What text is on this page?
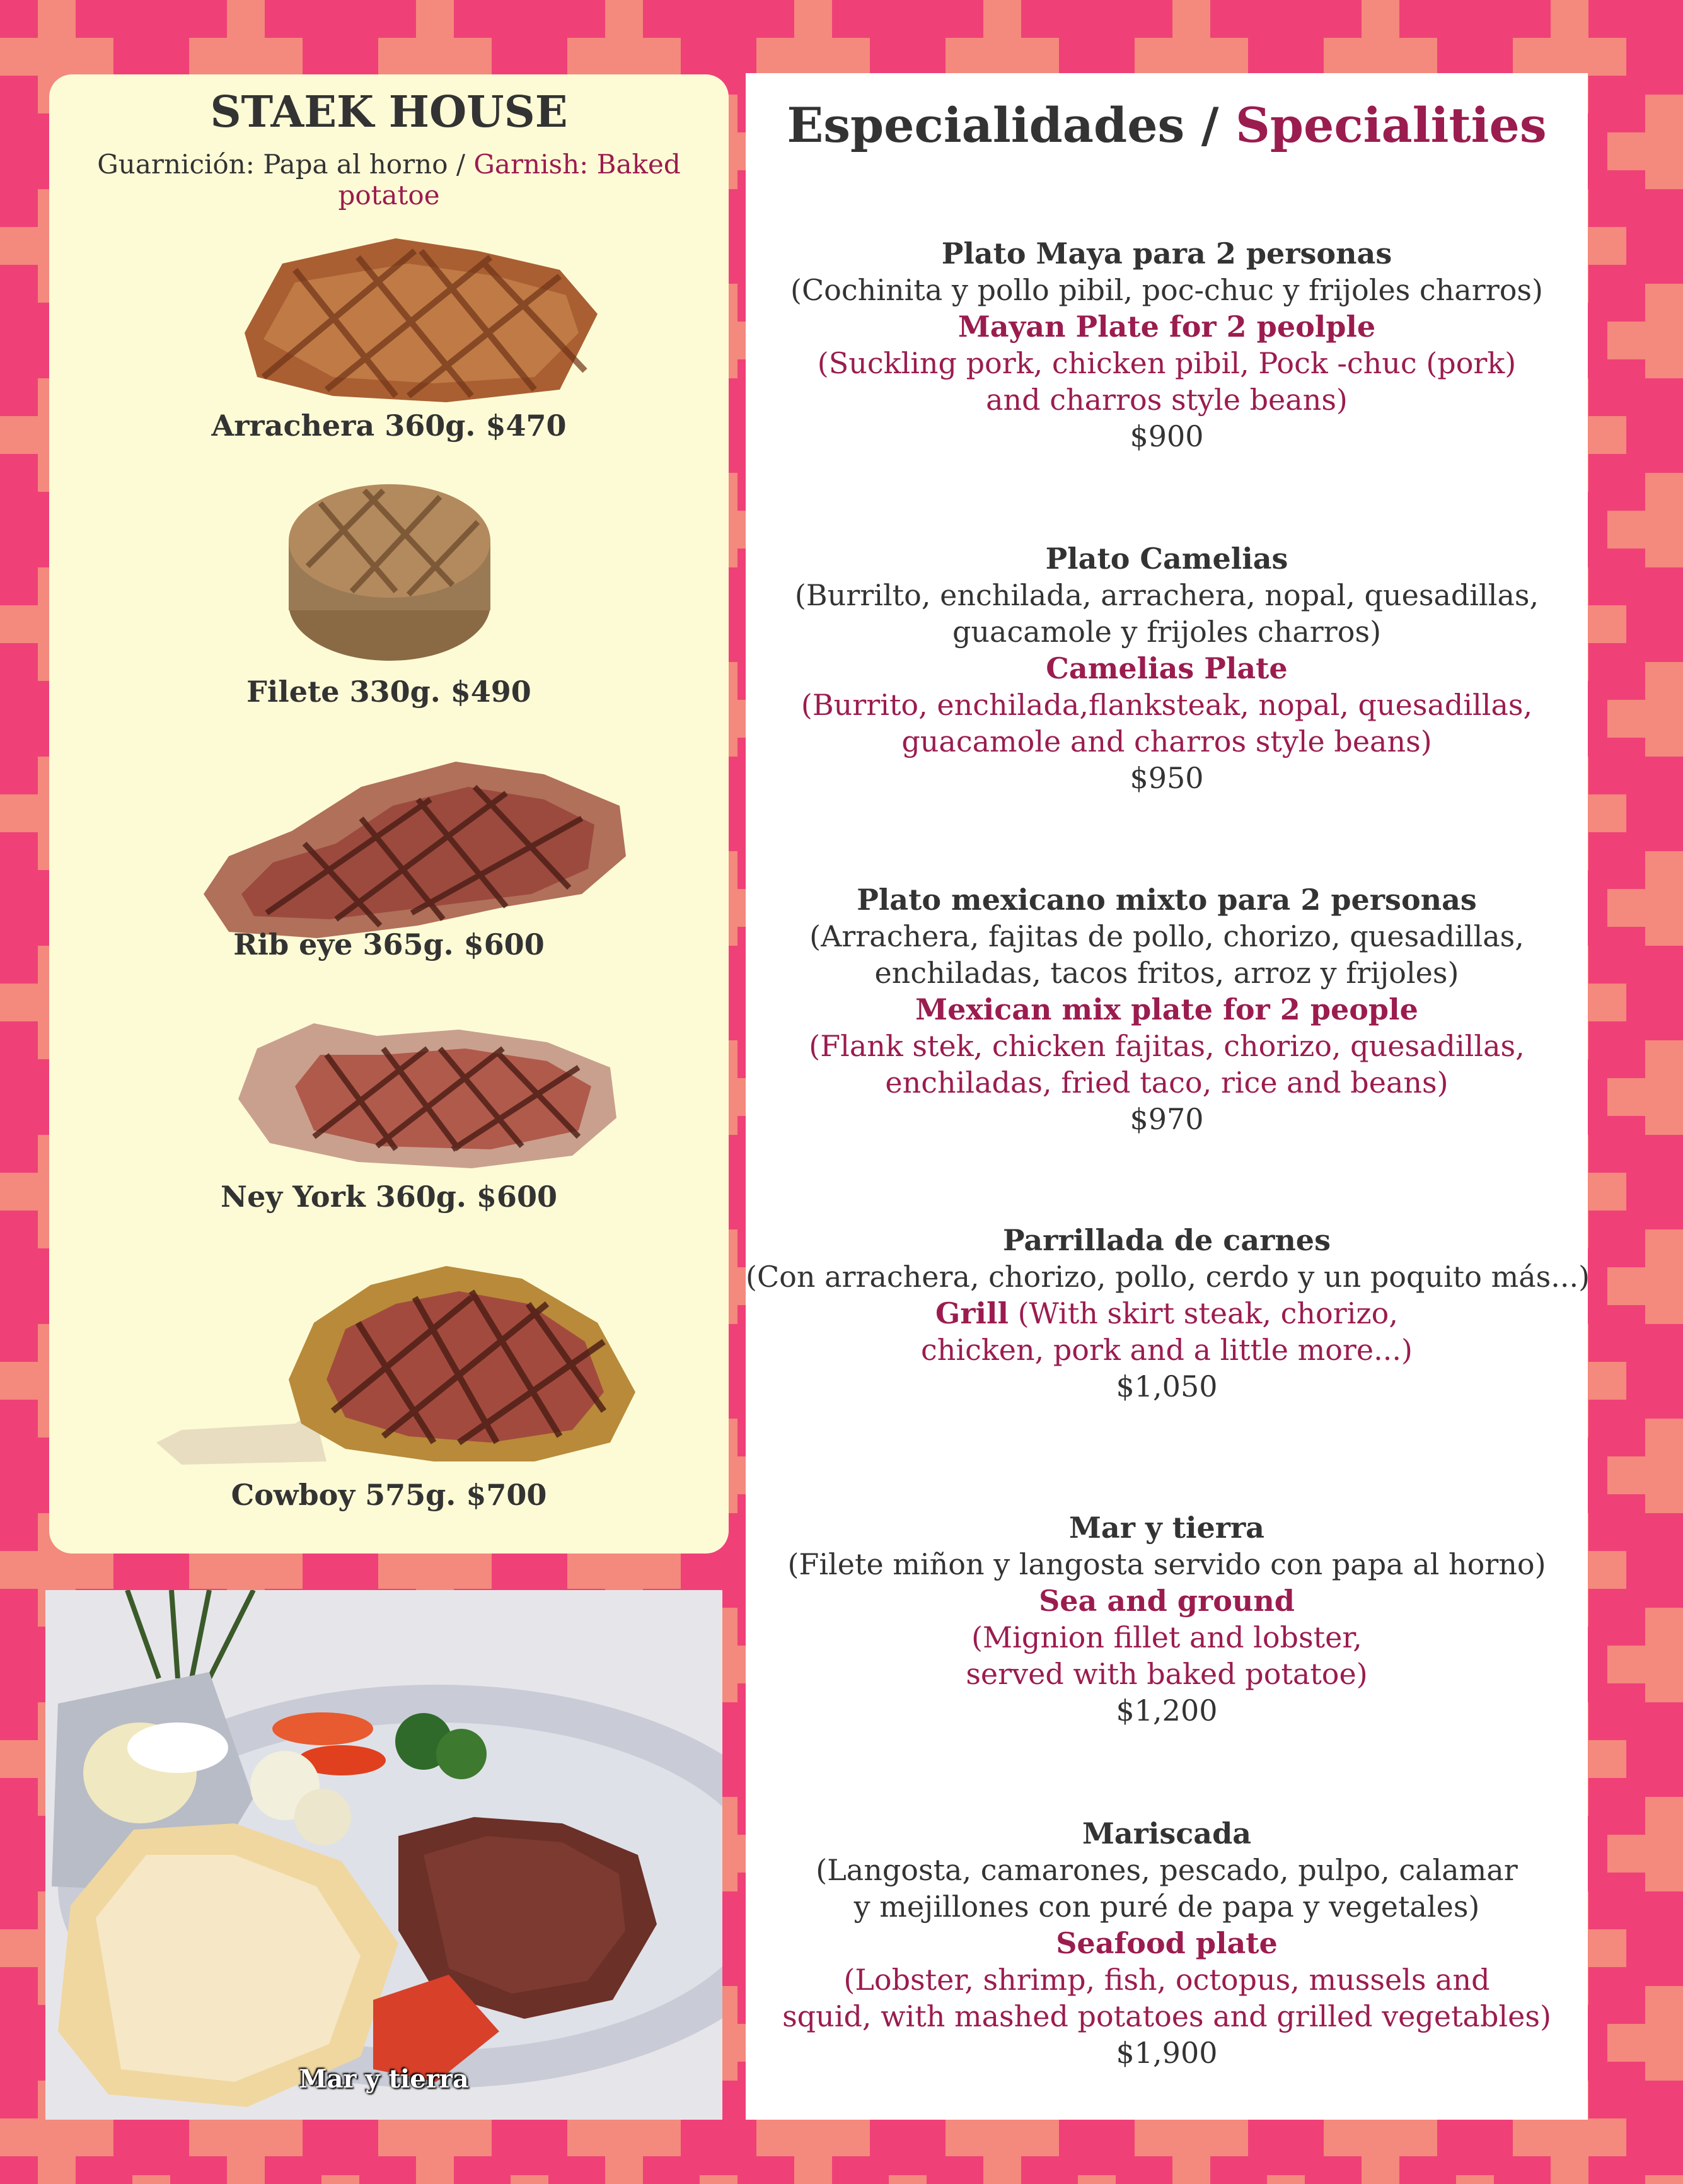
STAEK HOUSE
Guarnición: Papa al horno / Garnish: Baked potatoe
Arrachera 360g. $470
Filete 330g. $490
Rib eye 365g. $600
Ney York 360g. $600
Cowboy 575g. $700
Mar y tierra
Especialidades / Specialities
Plato Maya para 2 personas
(Cochinita y pollo pibil, poc-chuc y frijoles charros)
Mayan Plate for 2 peolple
(Suckling pork, chicken pibil, Pock -chuc (pork)
and charros style beans)
$900
Plato Camelias
(Burrilto, enchilada, arrachera, nopal, quesadillas,
guacamole y frijoles charros)
Camelias Plate
(Burrito, enchilada,flanksteak, nopal, quesadillas,
guacamole and charros style beans)
$950
Plato mexicano mixto para 2 personas
(Arrachera, fajitas de pollo, chorizo, quesadillas,
enchiladas, tacos fritos, arroz y frijoles)
Mexican mix plate for 2 people
(Flank stek, chicken fajitas, chorizo, quesadillas,
enchiladas, fried taco, rice and beans)
$970
Parrillada de carnes
(Con arrachera, chorizo, pollo, cerdo y un poquito más...)
Grill (With skirt steak, chorizo,
chicken, pork and a little more...)
$1,050
Mar y tierra
(Filete miñon y langosta servido con papa al horno)
Sea and ground
(Mignion fillet and lobster,
served with baked potatoe)
$1,200
Mariscada
(Langosta, camarones, pescado, pulpo, calamar
y mejillones con puré de papa y vegetales)
Seafood plate
(Lobster, shrimp, fish, octopus, mussels and
squid, with mashed potatoes and grilled vegetables)
$1,900
